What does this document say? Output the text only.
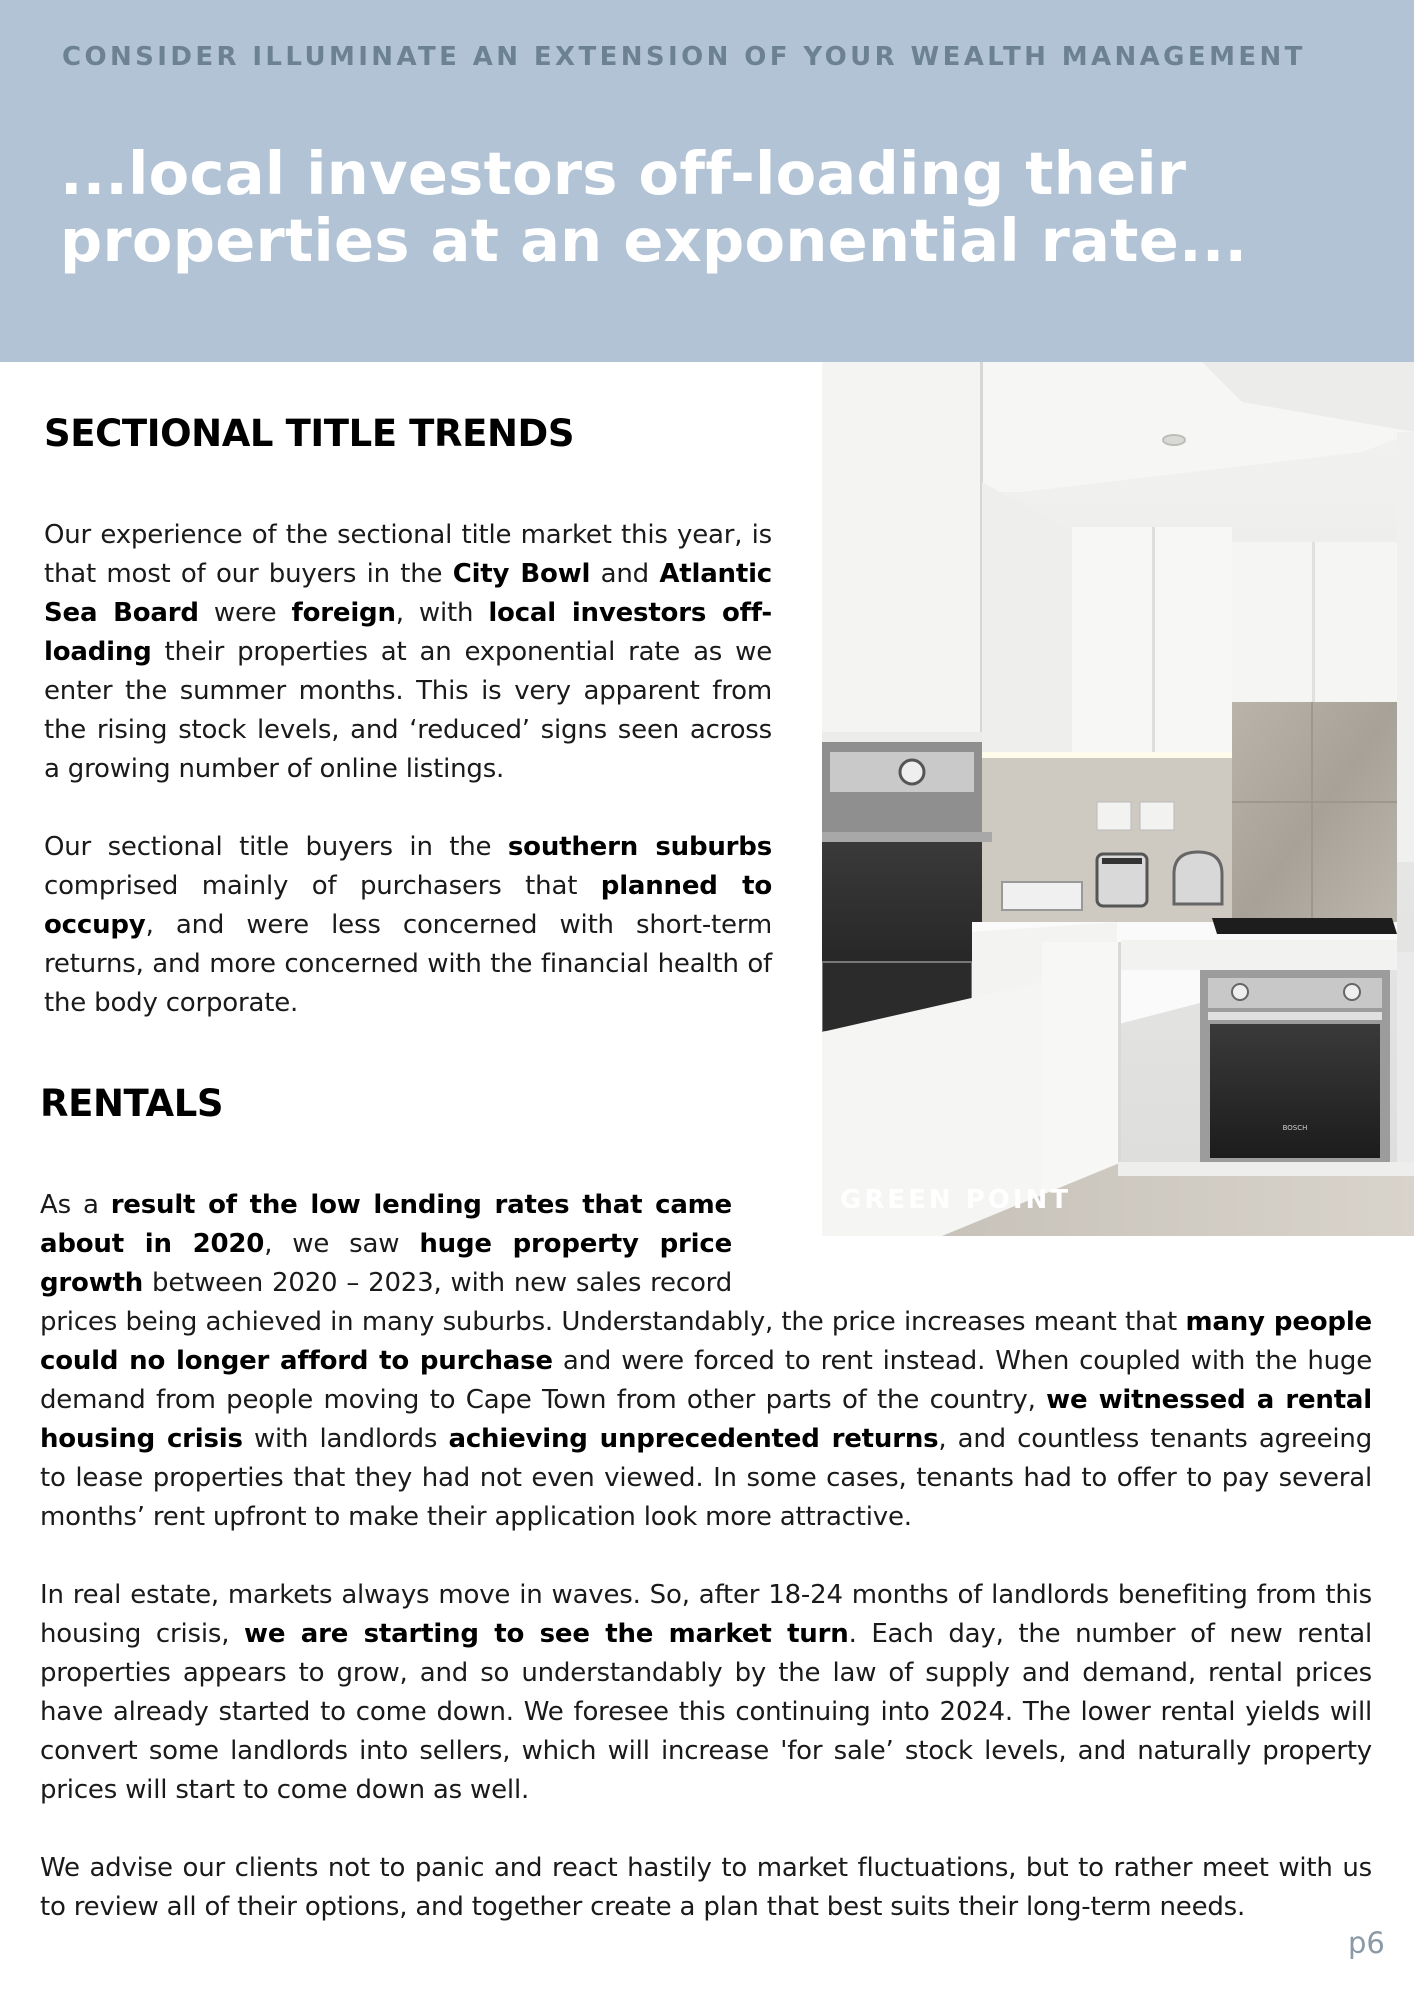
CONSIDER ILLUMINATE AN EXTENSION OF YOUR WEALTH MANAGEMENT
...local investors off-loading their properties at an exponential rate...
BOSCH
GREEN POINT
SECTIONAL TITLE TRENDS

Our experience of the sectional title market this year, is that most of our buyers in the City Bowl and Atlantic Sea Board were foreign, with local investors off-loading their properties at an exponential rate as we enter the summer months. This is very apparent from the rising stock levels, and ‘reduced’ signs seen across a growing number of online listings.

Our sectional title buyers in the southern suburbs comprised mainly of purchasers that planned to occupy, and were less concerned with short-term returns, and more concerned with the financial health of the body corporate.

RENTALS

As a result of the low lending rates that came about in 2020, we saw huge property price growth between 2020 – 2023, with new sales record prices being achieved in many suburbs. Understandably, the price increases meant that many people could no longer afford to purchase and were forced to rent instead. When coupled with the huge demand from people moving to Cape Town from other parts of the country, we witnessed a rental housing crisis with landlords achieving unprecedented returns, and countless tenants agreeing to lease properties that they had not even viewed. In some cases, tenants had to offer to pay several months’ rent upfront to make their application look more attractive.

In real estate, markets always move in waves. So, after 18-24 months of landlords benefiting from this housing crisis, we are starting to see the market turn. Each day, the number of new rental properties appears to grow, and so understandably by the law of supply and demand, rental prices have already started to come down. We foresee this continuing into 2024. The lower rental yields will convert some landlords into sellers, which will increase 'for sale’ stock levels, and naturally property prices will start to come down as well.

We advise our clients not to panic and react hastily to market fluctuations, but to rather meet with us to review all of their options, and together create a plan that best suits their long-term needs.

p6
